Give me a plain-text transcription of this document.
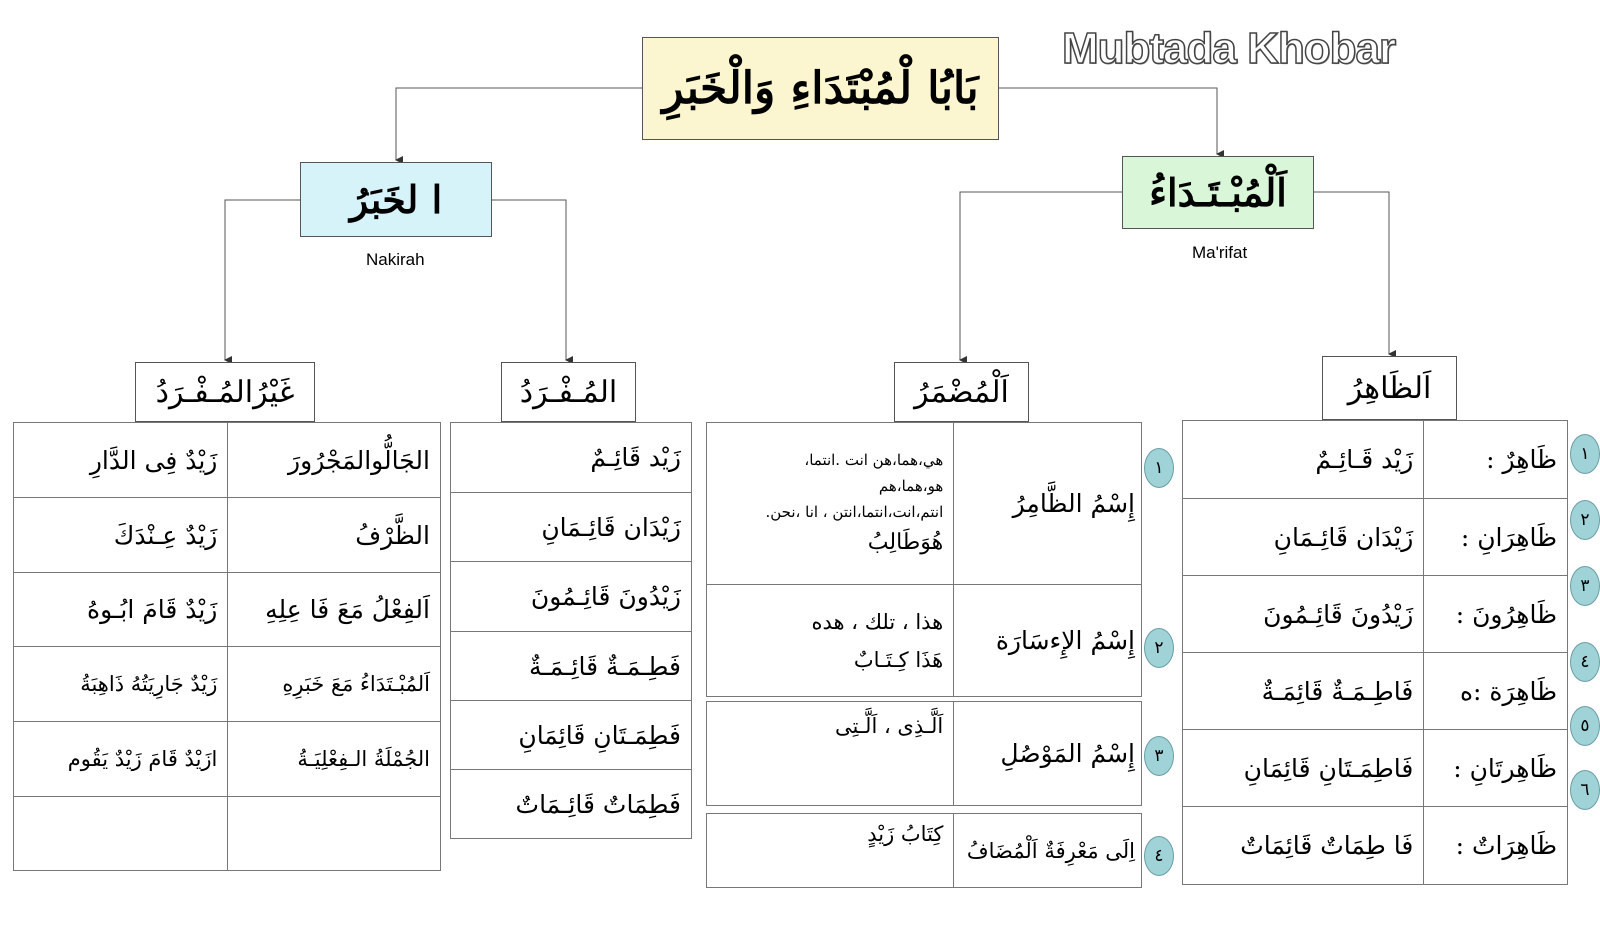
Mubtada Khobar
بَابُا لْمُبْتَدَاءِ وَالْخَبَرِ
ا لخَبَرُ
Nakirah
اَلْمُبْـتَـدَاءُ
Ma'rifat
غَيْرُالمُـفْـرَدُ	المُـفْـرَدُ	اَلْمُضْمَرُ	اَلظَاهِرُ
الجَالُّوالمَجْرُورَ	زَيْدٌ فِى الدَّارِ
الظَّرْفُ	زَيْدٌ عِـنْدَكَ
اَلفِعْلُ مَعَ فَا عِلِهِ	زَيْدٌ قَامَ ابُـوهُ
اَلمُبْـتَدَاءُ مَعَ خَبَرِهِ	زَيْدٌ جَارِيَتُهُ ذَاهِبَةُ
الجُمْلَةُ الـفِعْلِيَـةُ	ازَيْدٌ قَامَ زَيْدٌ يَقُوم

زَيْد قَائِـمٌ
زَيْدَان قَائِـمَانِ
زَيْدُونَ قَائِـمُونَ
فَطِـمَـةٌ قَائِـمَـةٌ
فَطِمَـتَانِ قَائِمَانِ
فَطِمَاتٌ قَائِـمَاتٌ
إِسْمُ الظَّامِرُ	هي،هما،هن انت .انتما،
هو،هما،هم
انتم،انت،انتما،انتن ، انا ،نحن.
هُوَطَالِبُ

إِسْمُ الإِءسَارَة	هذا ، تلك ، هده
هَذَا كِـتَـابٌ
إِسْمُ المَوْصُلِ	اَلَّـذِى ، اَلَّـتِى
اِلَى مَعْرِفَةٌ اَلْمُضَافُ	كِتَابُ زَيْدٍ
١
٢
٣
٤
ظَاهِرٌ :	زَيْد قَـائِـمٌ
ظَاهِرَانِ :	زَيْدَان قَائِـمَانِ
ظَاهِرُونَ :	زَيْدُونَ قَائِـمُونَ
ظَاهِرَة :ه	فَاطِـمَـةٌ قَائِمَـةٌ
ظَاهِرتَانِ :	فَاطِمَـتَانِ قَائِمَانِ
ظَاهِرَاتٌ :	فَا طِمَاتٌ قَائِمَاتٌ
١
٢
٣
٤
٥
٦
